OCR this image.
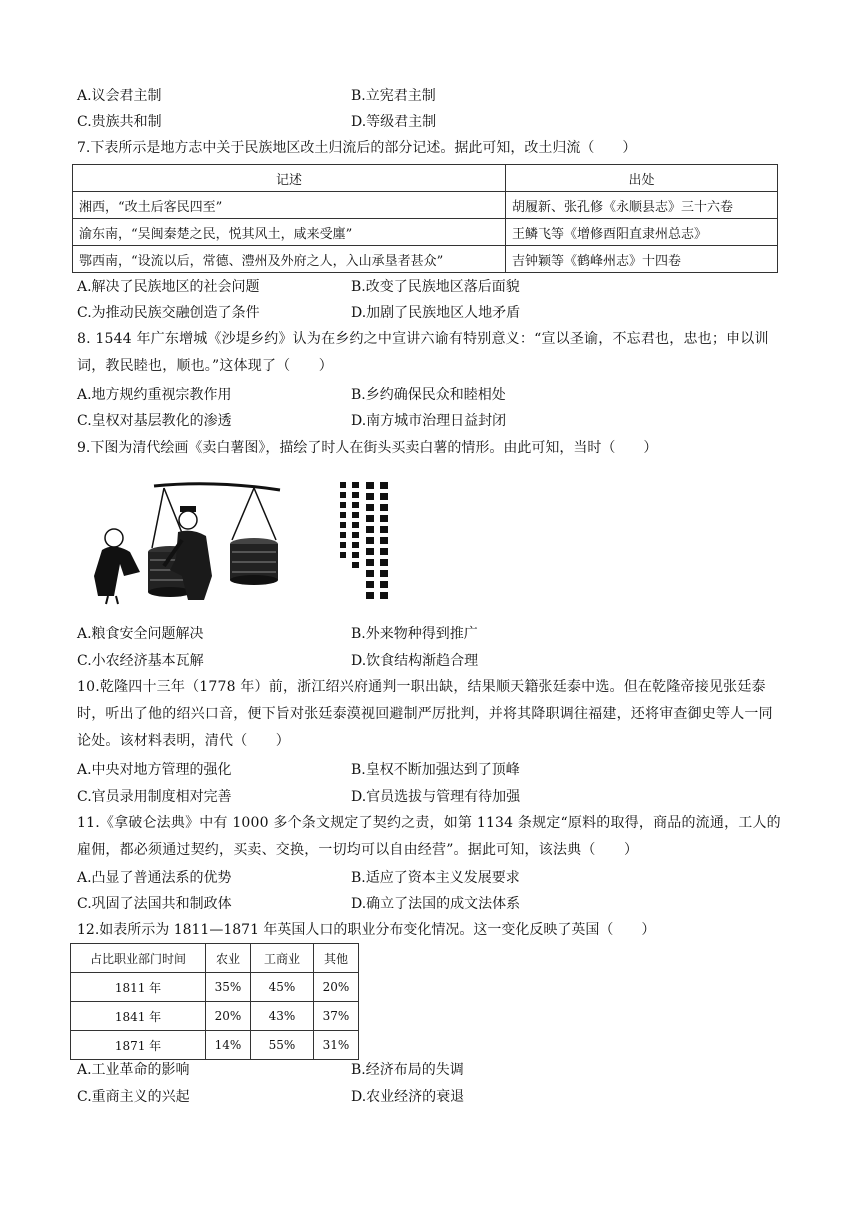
A.议会君主制	B.立宪君主制
C.贵族共和制	D.等级君主制
7.下表所示是地方志中关于民族地区改土归流后的部分记述。据此可知，改土归流（　　）
记述	出处
湘西，“改土后客民四至”	胡履新、张孔修《永顺县志》三十六卷
渝东南，“吴闽秦楚之民，悦其风土，咸来受廛”	王鳞飞等《增修酉阳直隶州总志》
鄂西南，“设流以后，常德、澧州及外府之人，入山承垦者甚众”	吉钟颖等《鹤峰州志》十四卷
A.解决了民族地区的社会问题	B.改变了民族地区落后面貌
C.为推动民族交融创造了条件	D.加剧了民族地区人地矛盾
8. 1544 年广东增城《沙堤乡约》认为在乡约之中宣讲六谕有特别意义：“宣以圣谕，不忘君也，忠也；申以训词，教民睦也，顺也。”这体现了（　　）
A.地方规约重视宗教作用	B.乡约确保民众和睦相处
C.皇权对基层教化的渗透	D.南方城市治理日益封闭
9.下图为清代绘画《卖白薯图》，描绘了时人在街头买卖白薯的情形。由此可知，当时（　　）
A.粮食安全问题解决	B.外来物种得到推广
C.小农经济基本瓦解	D.饮食结构渐趋合理
10.乾隆四十三年（1778 年）前，浙江绍兴府通判一职出缺，结果顺天籍张廷泰中选。但在乾隆帝接见张廷泰时，听出了他的绍兴口音，便下旨对张廷泰漠视回避制严厉批判，并将其降职调往福建，还将审查御史等人一同论处。该材料表明，清代（　　）
A.中央对地方管理的强化	B.皇权不断加强达到了顶峰
C.官员录用制度相对完善	D.官员选拔与管理有待加强
11.《拿破仑法典》中有 1000 多个条文规定了契约之责，如第 1134 条规定“原料的取得，商品的流通，工人的雇佣，都必须通过契约，买卖、交换，一切均可以自由经营”。据此可知，该法典（　　）
A.凸显了普通法系的优势	B.适应了资本主义发展要求
C.巩固了法国共和制政体	D.确立了法国的成文法体系
12.如表所示为 1811—1871 年英国人口的职业分布变化情况。这一变化反映了英国（　　）
占比职业部门时间	农业	工商业	其他
1811 年	35%	45%	20%
1841 年	20%	43%	37%
1871 年	14%	55%	31%
A.工业革命的影响	B.经济布局的失调
C.重商主义的兴起	D.农业经济的衰退
